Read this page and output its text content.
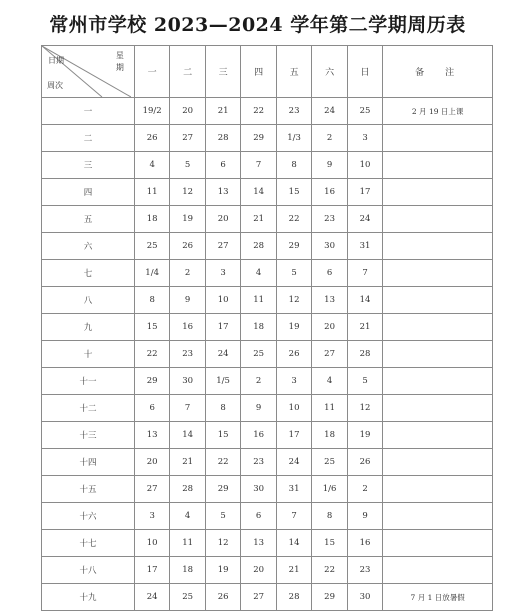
常州市学校 2023—2024 学年第二学期周历表
日期
星
期
周次	一	二	三	四	五	六	日	备　注
一	19/2	20	21	22	23	24	25	2 月 19 日上课
二	26	27	28	29	1/3	2	3	
三	4	5	6	7	8	9	10	
四	11	12	13	14	15	16	17	
五	18	19	20	21	22	23	24	
六	25	26	27	28	29	30	31	
七	1/4	2	3	4	5	6	7	
八	8	9	10	11	12	13	14	
九	15	16	17	18	19	20	21	
十	22	23	24	25	26	27	28	
十一	29	30	1/5	2	3	4	5	
十二	6	7	8	9	10	11	12	
十三	13	14	15	16	17	18	19	
十四	20	21	22	23	24	25	26	
十五	27	28	29	30	31	1/6	2	
十六	3	4	5	6	7	8	9	
十七	10	11	12	13	14	15	16	
十八	17	18	19	20	21	22	23	
十九	24	25	26	27	28	29	30	7 月 1 日放暑假
